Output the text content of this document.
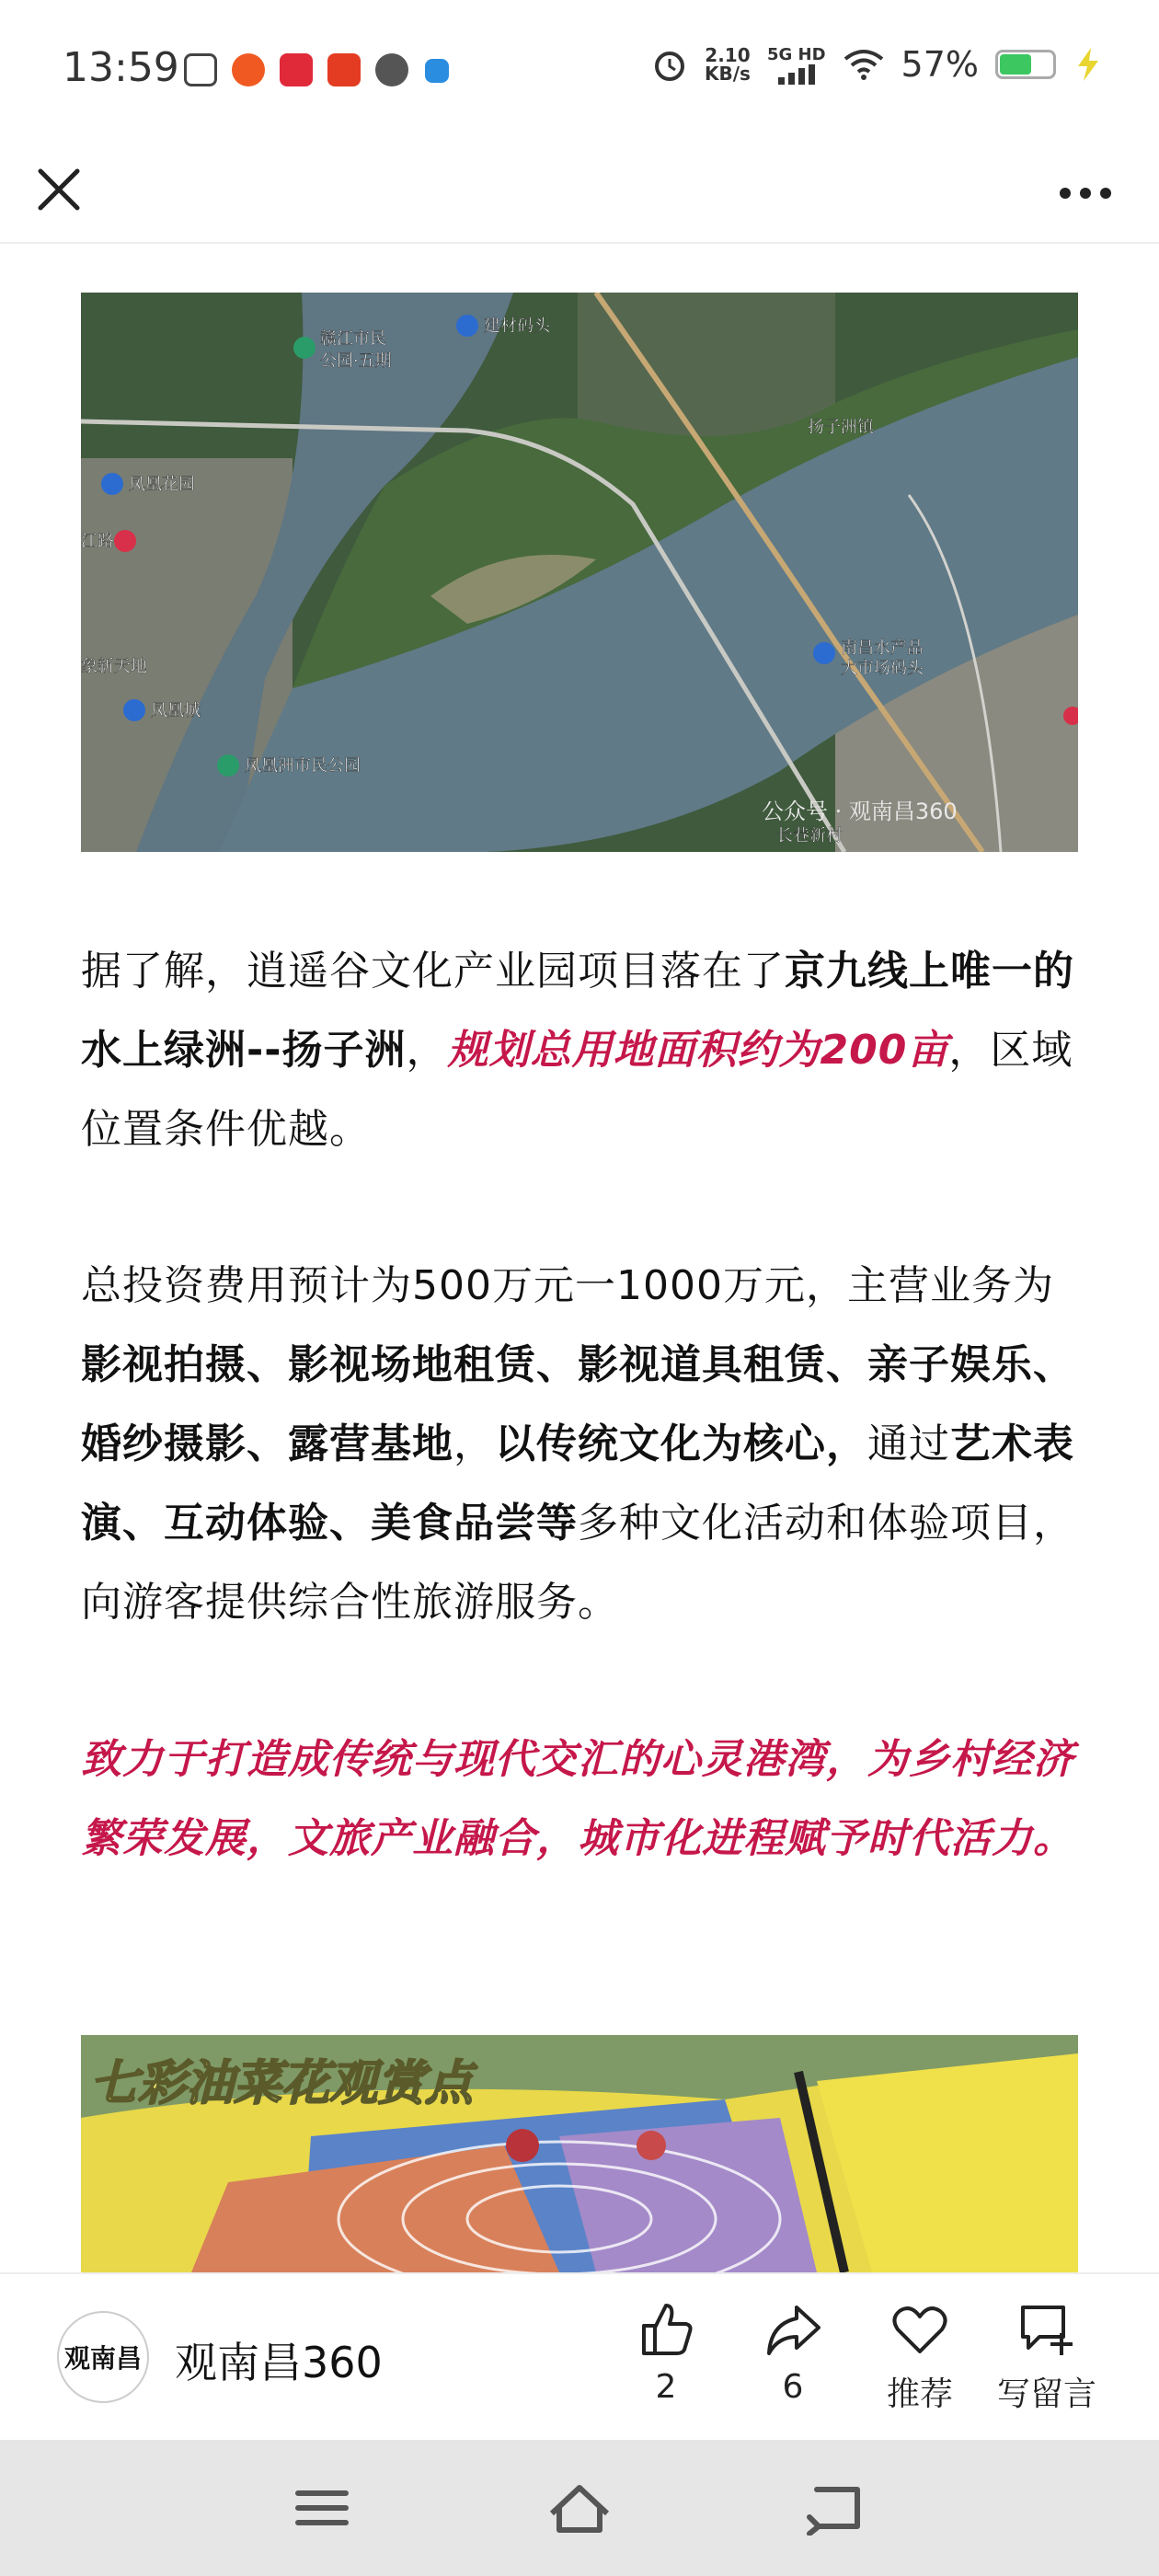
13:59	2.10
KB/s
5G HD 57%
赣江市民
公园·五期
建材码头
扬子洲镇
凤凰花园
江路
象新天地
凤凰城
凤凰洲市民公园
南昌水产品
大市场码头
长巷新村
公众号 · 观南昌360

据了解，逍遥谷文化产业园项目落在了京九线上唯一的水上绿洲--扬子洲，规划总用地面积约为200亩，区域位置条件优越。

总投资费用预计为500万元一1000万元，主营业务为影视拍摄、影视场地租赁、影视道具租赁、亲子娱乐、婚纱摄影、露营基地，以传统文化为核心，通过艺术表演、互动体验、美食品尝等多种文化活动和体验项目，向游客提供综合性旅游服务。

致力于打造成传统与现代交汇的心灵港湾，为乡村经济繁荣发展，文旅产业融合，城市化进程赋予时代活力。

七彩油菜花观赏点
观南昌 观南昌360	2	6	推荐	写留言
